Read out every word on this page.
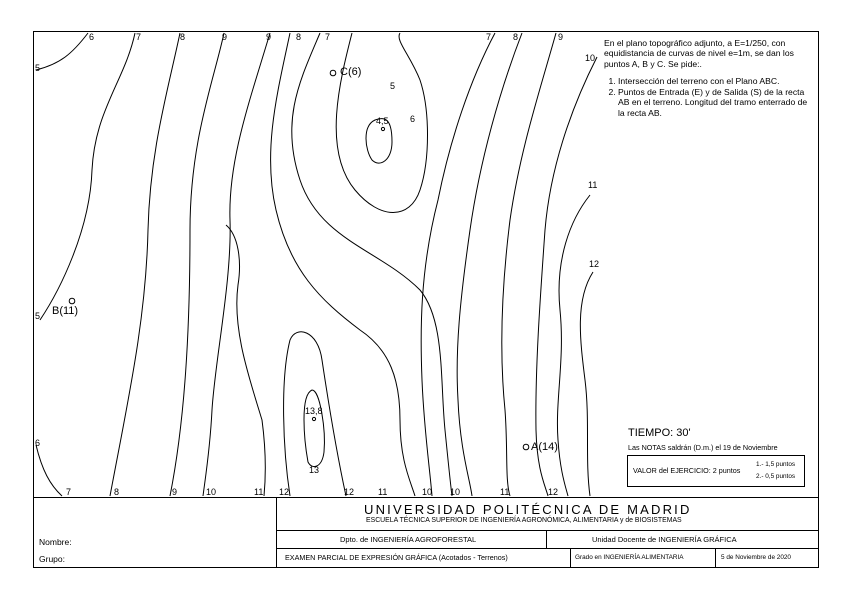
6	7	8	9	9	8	7	7 8	9
7	8	9	10	11 12	12	11	10 10	11	12
5
5
6
10
11
12
5
6
4,5
13,8
13
C(6)
B(11)
A(14)

En el plano topográfico adjunto, a E=1/250, con equidistancia de curvas de nivel e=1m, se dan los puntos A, B y C. Se pide:.

1. Intersección del terreno con el Plano ABC.
2. Puntos de Entrada (E) y de Salida (S) de la recta AB en el terreno. Longitud del tramo enterrado de la recta AB.
TIEMPO: 30'
Las NOTAS saldrán (D.m.) el 19 de Noviembre
VALOR del EJERCICIO: 2 puntos
1.- 1,5 puntos
2.- 0,5 puntos
UNIVERSIDAD POLITÉCNICA DE MADRID
ESCUELA TÉCNICA SUPERIOR DE INGENIERÍA AGRONÓMICA, ALIMENTARIA y de BIOSISTEMAS
Dpto. de INGENIERÍA AGROFORESTAL	Unidad Docente de INGENIERÍA GRÁFICA
EXAMEN PARCIAL DE EXPRESIÓN GRÁFICA (Acotados - Terrenos)	Grado en INGENIERÍA ALIMENTARIA	5 de Noviembre de 2020
Nombre:
Grupo:
